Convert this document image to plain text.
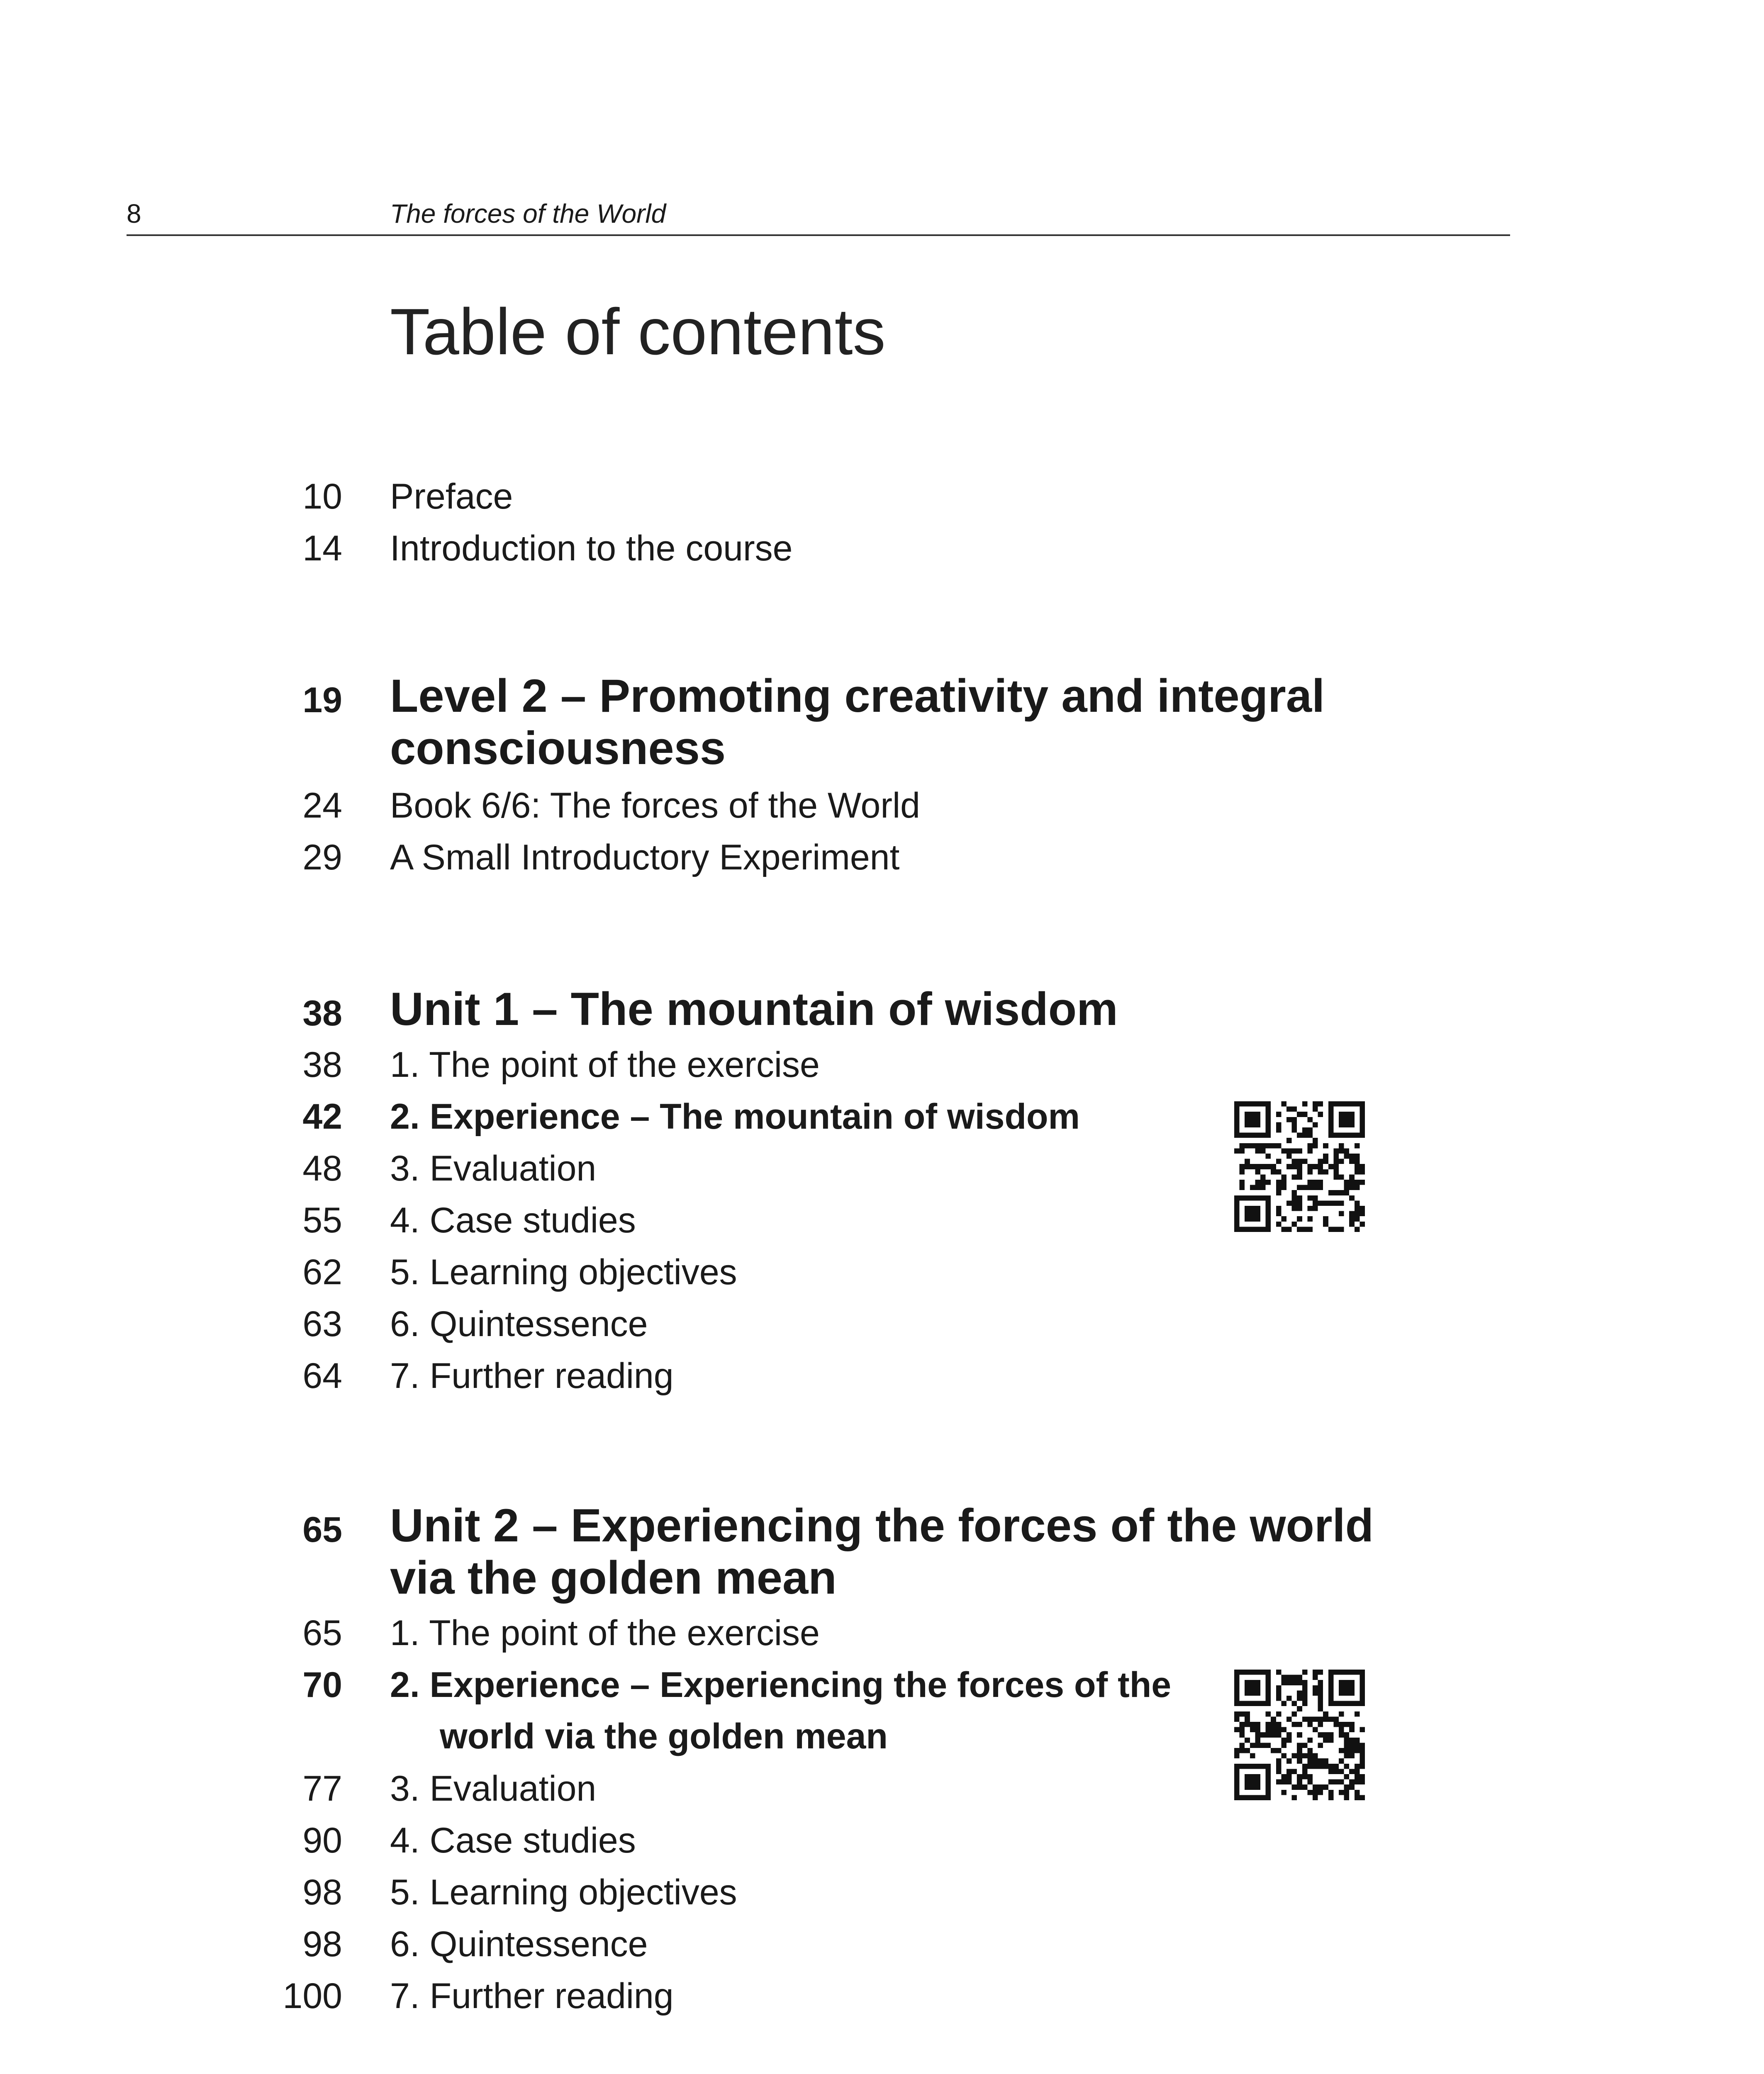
8	The forces of the World
Table of contents
10 Preface
14 Introduction to the course
19 Level 2 – Promoting creativity and integral
consciousness
24 Book 6/6: The forces of the World
29 A Small Introductory Experiment
38 Unit 1 – The mountain of wisdom
38 1. The point of the exercise
42 2. Experience – The mountain of wisdom
48 3. Evaluation
55 4. Case studies
62 5. Learning objectives
63 6. Quintessence
64 7. Further reading
65 Unit 2 – Experiencing the forces of the world
via the golden mean
65 1. The point of the exercise
70 2. Experience – Experiencing the forces of the
world via the golden mean
77 3. Evaluation
90 4. Case studies
98 5. Learning objectives
98 6. Quintessence
100 7. Further reading
